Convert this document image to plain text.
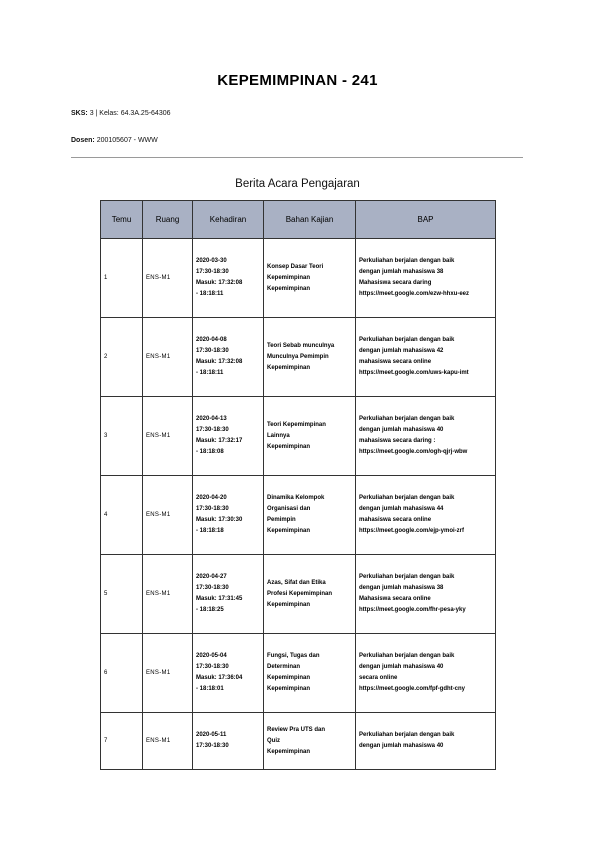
KEPEMIMPINAN - 241
SKS: 3 | Kelas: 64.3A.25-64306
Dosen: 200105607 - WWW
Berita Acara Pengajaran
Temu	Ruang	Kehadiran	Bahan Kajian	BAP
1	ENS-M1	2020-03-30
17:30-18:30
Masuk: 17:32:08
- 18:18:11	Konsep Dasar Teori
Kepemimpinan
Kepemimpinan	Perkuliahan berjalan dengan baik
dengan jumlah mahasiswa 38
Mahasiswa secara daring
https://meet.google.com/ezw-hhxu-eez

2	ENS-M1	2020-04-08
17:30-18:30
Masuk: 17:32:08
- 18:18:11	Teori Sebab munculnya
Munculnya Pemimpin
Kepemimpinan	Perkuliahan berjalan dengan baik
dengan jumlah mahasiswa 42
mahasiswa secara online
https://meet.google.com/uws-kapu-imt

3	ENS-M1	2020-04-13
17:30-18:30
Masuk: 17:32:17
- 18:18:08	Teori Kepemimpinan
Lainnya
Kepemimpinan	Perkuliahan berjalan dengan baik
dengan jumlah mahasiswa 40
mahasiswa secara daring :
https://meet.google.com/ogh-qjrj-wbw

4	ENS-M1	2020-04-20
17:30-18:30
Masuk: 17:30:30
- 18:18:18	Dinamika Kelompok
Organisasi dan
Pemimpin
Kepemimpinan	Perkuliahan berjalan dengan baik
dengan jumlah mahasiswa 44
mahasiswa secara online
https://meet.google.com/ejp-ymoi-zrf

5	ENS-M1	2020-04-27
17:30-18:30
Masuk: 17:31:45
- 18:18:25	Azas, Sifat dan Etika
Profesi Kepemimpinan
Kepemimpinan	Perkuliahan berjalan dengan baik
dengan jumlah mahasiswa 38
Mahasiswa secara online
https://meet.google.com/fhr-pesa-yky

6	ENS-M1	2020-05-04
17:30-18:30
Masuk: 17:36:04
- 18:18:01	Fungsi, Tugas dan
Determinan
Kepemimpinan
Kepemimpinan	Perkuliahan berjalan dengan baik
dengan jumlah mahasiswa 40
secara online
https://meet.google.com/fpf-gdht-cny

7	ENS-M1	2020-05-11
17:30-18:30	Review Pra UTS dan
Quiz
Kepemimpinan	Perkuliahan berjalan dengan baik
dengan jumlah mahasiswa 40
